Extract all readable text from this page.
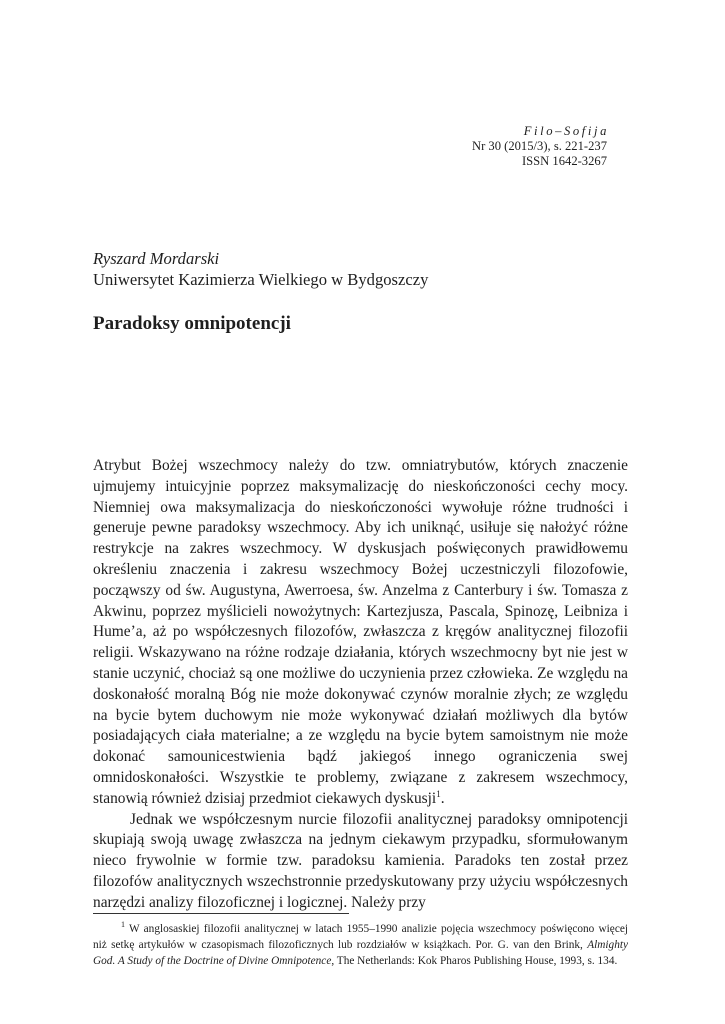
Filo–Sofija
Nr 30 (2015/3), s. 221-237
ISSN 1642-3267
Ryszard Mordarski
Uniwersytet Kazimierza Wielkiego w Bydgoszczy
Paradoksy omnipotencji

Atrybut Bożej wszechmocy należy do tzw. omniatrybutów, których znaczenie ujmujemy intuicyjnie poprzez maksymalizację do nieskończoności cechy mocy. Niemniej owa maksymalizacja do nieskończoności wywołuje różne trudności i generuje pewne paradoksy wszechmocy. Aby ich uniknąć, usiłuje się nałożyć różne restrykcje na zakres wszechmocy. W dyskusjach poświęconych prawidłowemu określeniu znaczenia i zakresu wszechmocy Bożej uczestniczyli filozofowie, począwszy od św. Augustyna, Awerroesa, św. Anzelma z Canterbury i św. Tomasza z Akwinu, poprzez myślicieli nowożytnych: Kartezjusza, Pascala, Spinozę, Leibniza i Hume’a, aż po współczesnych filozofów, zwłaszcza z kręgów analitycznej filozofii religii. Wskazywano na różne rodzaje działania, których wszechmocny byt nie jest w stanie uczynić, chociaż są one możliwe do uczynienia przez człowieka. Ze względu na doskonałość moralną Bóg nie może dokonywać czynów moralnie złych; ze względu na bycie bytem duchowym nie może wykonywać działań możliwych dla bytów posiadających ciała materialne; a ze względu na bycie bytem samoistnym nie może dokonać samounicestwienia bądź jakiegoś innego ograniczenia swej omnidoskonałości. Wszystkie te problemy, związane z zakresem wszechmocy, stanowią również dzisiaj przedmiot ciekawych dyskusji$^1$.

Jednak we współczesnym nurcie filozofii analitycznej paradoksy omnipotencji skupiają swoją uwagę zwłaszcza na jednym ciekawym przypadku, sformułowanym nieco frywolnie w formie tzw. paradoksu kamienia. Paradoks ten został przez filozofów analitycznych wszechstronnie przedyskutowany przy użyciu współczesnych narzędzi analizy filozoficznej i logicznej. Należy przy

$^1$ W anglosaskiej filozofii analitycznej w latach 1955–1990 analizie pojęcia wszechmocy poświęcono więcej niż setkę artykułów w czasopismach filozoficznych lub rozdziałów w książkach. Por. G. van den Brink, Almighty God. A Study of the Doctrine of Divine Omnipotence, The Netherlands: Kok Pharos Publishing House, 1993, s. 134.
